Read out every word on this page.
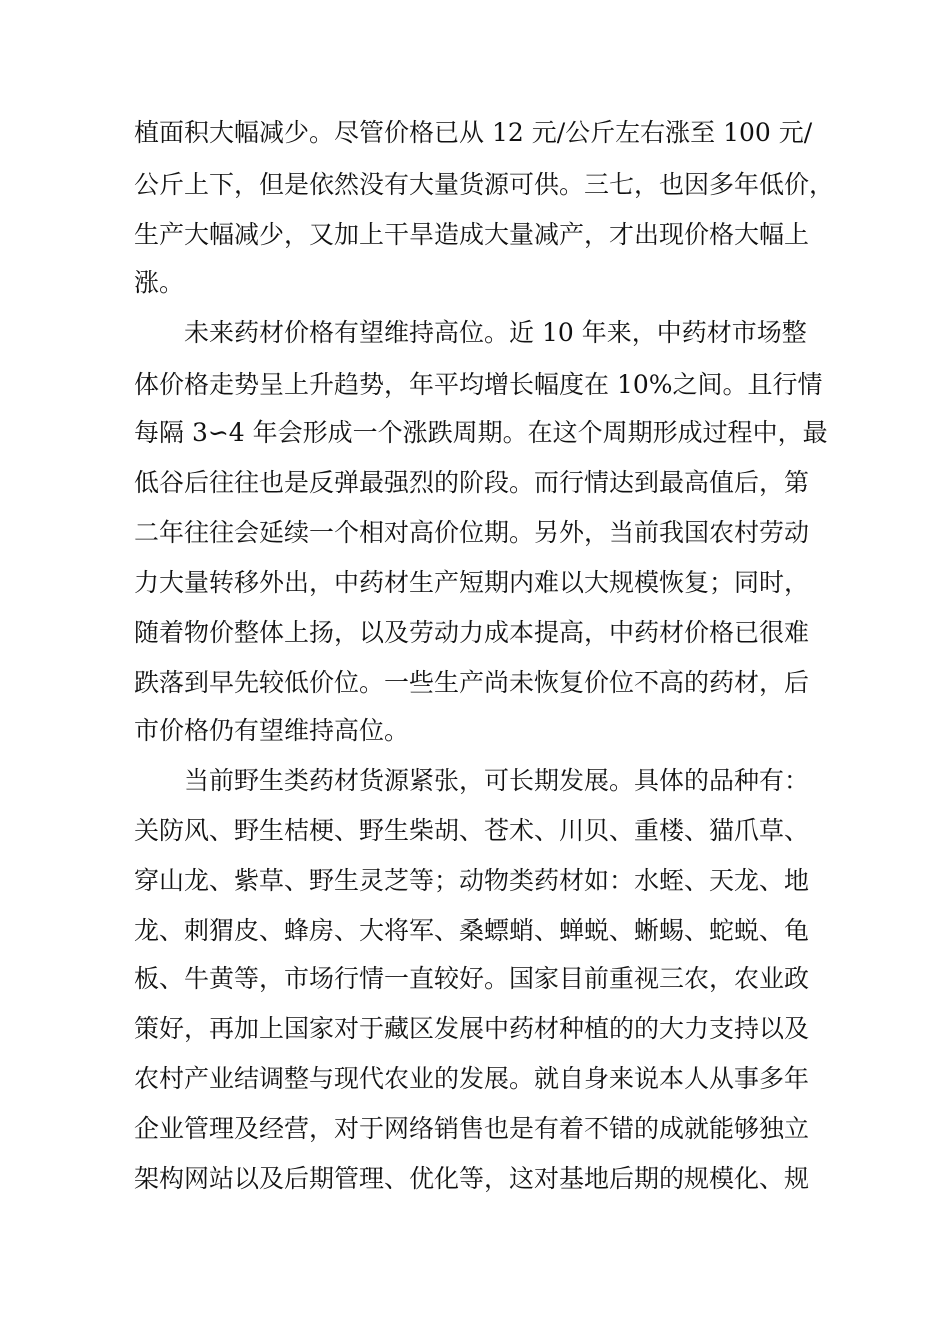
植面积大幅减少。尽管价格已从 12 元/公斤左右涨至 100 元/
公斤上下，但是依然没有大量货源可供。三七，也因多年低价，
生产大幅减少，又加上干旱造成大量减产，才出现价格大幅上
涨。
未来药材价格有望维持高位。近 10 年来，中药材市场整
体价格走势呈上升趋势，年平均增长幅度在 10%之间。且行情
每隔 3∽4 年会形成一个涨跌周期。在这个周期形成过程中，最
低谷后往往也是反弹最强烈的阶段。而行情达到最高值后，第
二年往往会延续一个相对高价位期。另外，当前我国农村劳动
力大量转移外出，中药材生产短期内难以大规模恢复；同时，
随着物价整体上扬，以及劳动力成本提高，中药材价格已很难
跌落到早先较低价位。一些生产尚未恢复价位不高的药材，后
市价格仍有望维持高位。
当前野生类药材货源紧张，可长期发展。具体的品种有：
关防风、野生桔梗、野生柴胡、苍术、川贝、重楼、猫爪草、
穿山龙、紫草、野生灵芝等；动物类药材如：水蛭、天龙、地
龙、刺猬皮、蜂房、大将军、桑螵蛸、蝉蜕、蜥蜴、蛇蜕、龟
板、牛黄等，市场行情一直较好。国家目前重视三农，农业政
策好，再加上国家对于藏区发展中药材种植的的大力支持以及
农村产业结调整与现代农业的发展。就自身来说本人从事多年
企业管理及经营，对于网络销售也是有着不错的成就能够独立
架构网站以及后期管理、优化等，这对基地后期的规模化、规
